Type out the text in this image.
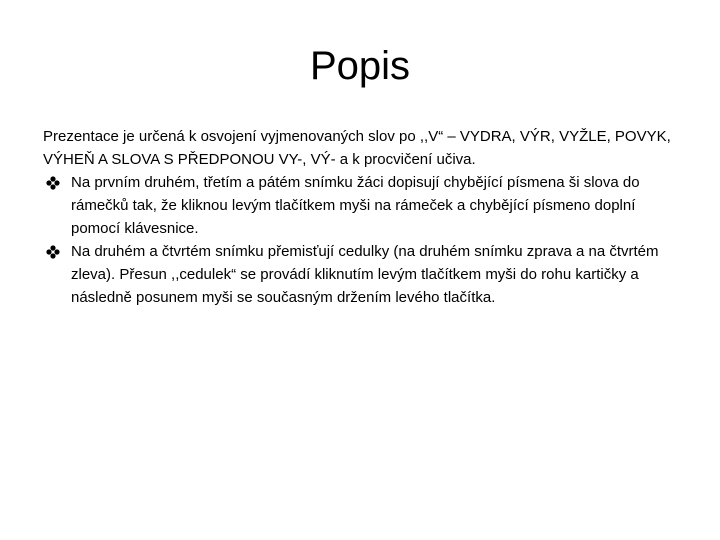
Popis

Prezentace je určená k osvojení vyjmenovaných slov po ,,V“ – VYDRA, VÝR, VYŽLE, POVYK, VÝHEŇ A SLOVA S PŘEDPONOU VY-, VÝ- a k procvičení učiva.

Na prvním druhém, třetím a pátém snímku žáci dopisují chybějící písmena ši slova do rámečků tak, že kliknou levým tlačítkem myši na rámeček a chybějící písmeno doplní pomocí klávesnice.
Na druhém a čtvrtém snímku přemisťují cedulky (na druhém snímku zprava a na čtvrtém zleva). Přesun ,,cedulek“ se provádí kliknutím levým tlačítkem myši do rohu kartičky a následně posunem myši se současným držením levého tlačítka.
